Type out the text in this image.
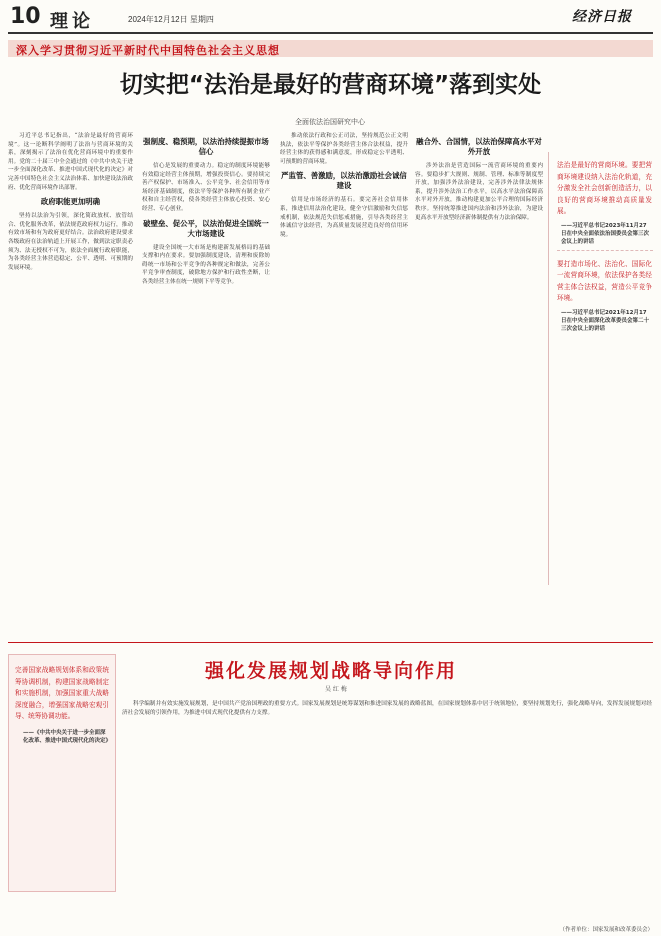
10 理论	2024年12月12日 星期四	经济日报
深入学习贯彻习近平新时代中国特色社会主义思想
切实把“法治是最好的营商环境”落到实处
全面依法治国研究中心

习近平总书记指出，“法治是最好的营商环境”。这一论断科学阐明了法治与营商环境的关系，深刻揭示了法治在优化营商环境中的重要作用。党的二十届三中全会通过的《中共中央关于进一步全面深化改革、推进中国式现代化的决定》对完善中国特色社会主义法治体系、加快建设法治政府、优化营商环境作出部署。

政府职能更加明确

坚持以法治为引领，深化简政放权、放管结合、优化服务改革，依法规范政府权力运行，推动有效市场和有为政府更好结合。法治政府建设要求各级政府在法治轨道上开展工作，做到法定职责必须为、法无授权不可为，依法全面履行政府职能，为各类经营主体营造稳定、公平、透明、可预期的发展环境。

强制度、稳预期，以法治持续提振市场信心

信心是发展的重要动力。稳定的制度环境能够有效稳定经营主体预期，增强投资信心。要持续完善产权保护、市场准入、公平竞争、社会信用等市场经济基础制度，依法平等保护各种所有制企业产权和自主经营权，使各类经营主体放心投资、安心经营、专心创业。

破壁垒、促公平，以法治促进全国统一大市场建设

建设全国统一大市场是构建新发展格局的基础支撑和内在要求。要加强制度建设，清理和废除妨碍统一市场和公平竞争的各种规定和做法，完善公平竞争审查制度，破除地方保护和行政性垄断，让各类经营主体在统一规则下平等竞争。

推动依法行政和公正司法，坚持规范公正文明执法，依法平等保护各类经营主体合法权益，提升经营主体的获得感和满意度，形成稳定公平透明、可预期的营商环境。

严监管、善激励，以法治激励社会诚信建设

信用是市场经济的基石。要完善社会信用体系，推进信用法治化建设，健全守信激励和失信惩戒机制，依法规范失信惩戒措施，引导各类经营主体诚信守法经营，为高质量发展营造良好的信用环境。

融合外、合国情，以法治保障高水平对外开放

涉外法治是营造国际一流营商环境的重要内容。要稳步扩大规则、规制、管理、标准等制度型开放，加强涉外法治建设，完善涉外法律法规体系，提升涉外法治工作水平，以高水平法治保障高水平对外开放，推动构建更加公平合理的国际经济秩序。坚持统筹推进国内法治和涉外法治，为建设更高水平开放型经济新体制提供有力法治保障。

法治是最好的营商环境。要把营商环境建设纳入法治化轨道，充分激发全社会创新创造活力，以良好的营商环境推动高质量发展。
——习近平总书记2023年11月27日在中央全面依法治国委员会第三次会议上的讲话
要打造市场化、法治化、国际化一流营商环境，依法保护各类经营主体合法权益，营造公平竞争环境。
——习近平总书记2021年12月17日在中央全面深化改革委员会第二十三次会议上的讲话
强化发展规划战略导向作用
吴 红 梅
完善国家战略规划体系和政策统筹协调机制，构建国家战略制定和实施机制，加强国家重大战略深度融合，增强国家战略宏观引导、统筹协调功能。
——《中共中央关于进一步全面深化改革、推进中国式现代化的决定》

科学编制并有效实施发展规划，是中国共产党治国理政的重要方式。国家发展规划是统筹谋划和推进国家发展的战略蓝图，在国家规划体系中居于统领地位，要坚持规划先行，强化战略导向，发挥发展规划对经济社会发展的引领作用，为推进中国式现代化提供有力支撑。

（作者单位：国家发展和改革委员会）
